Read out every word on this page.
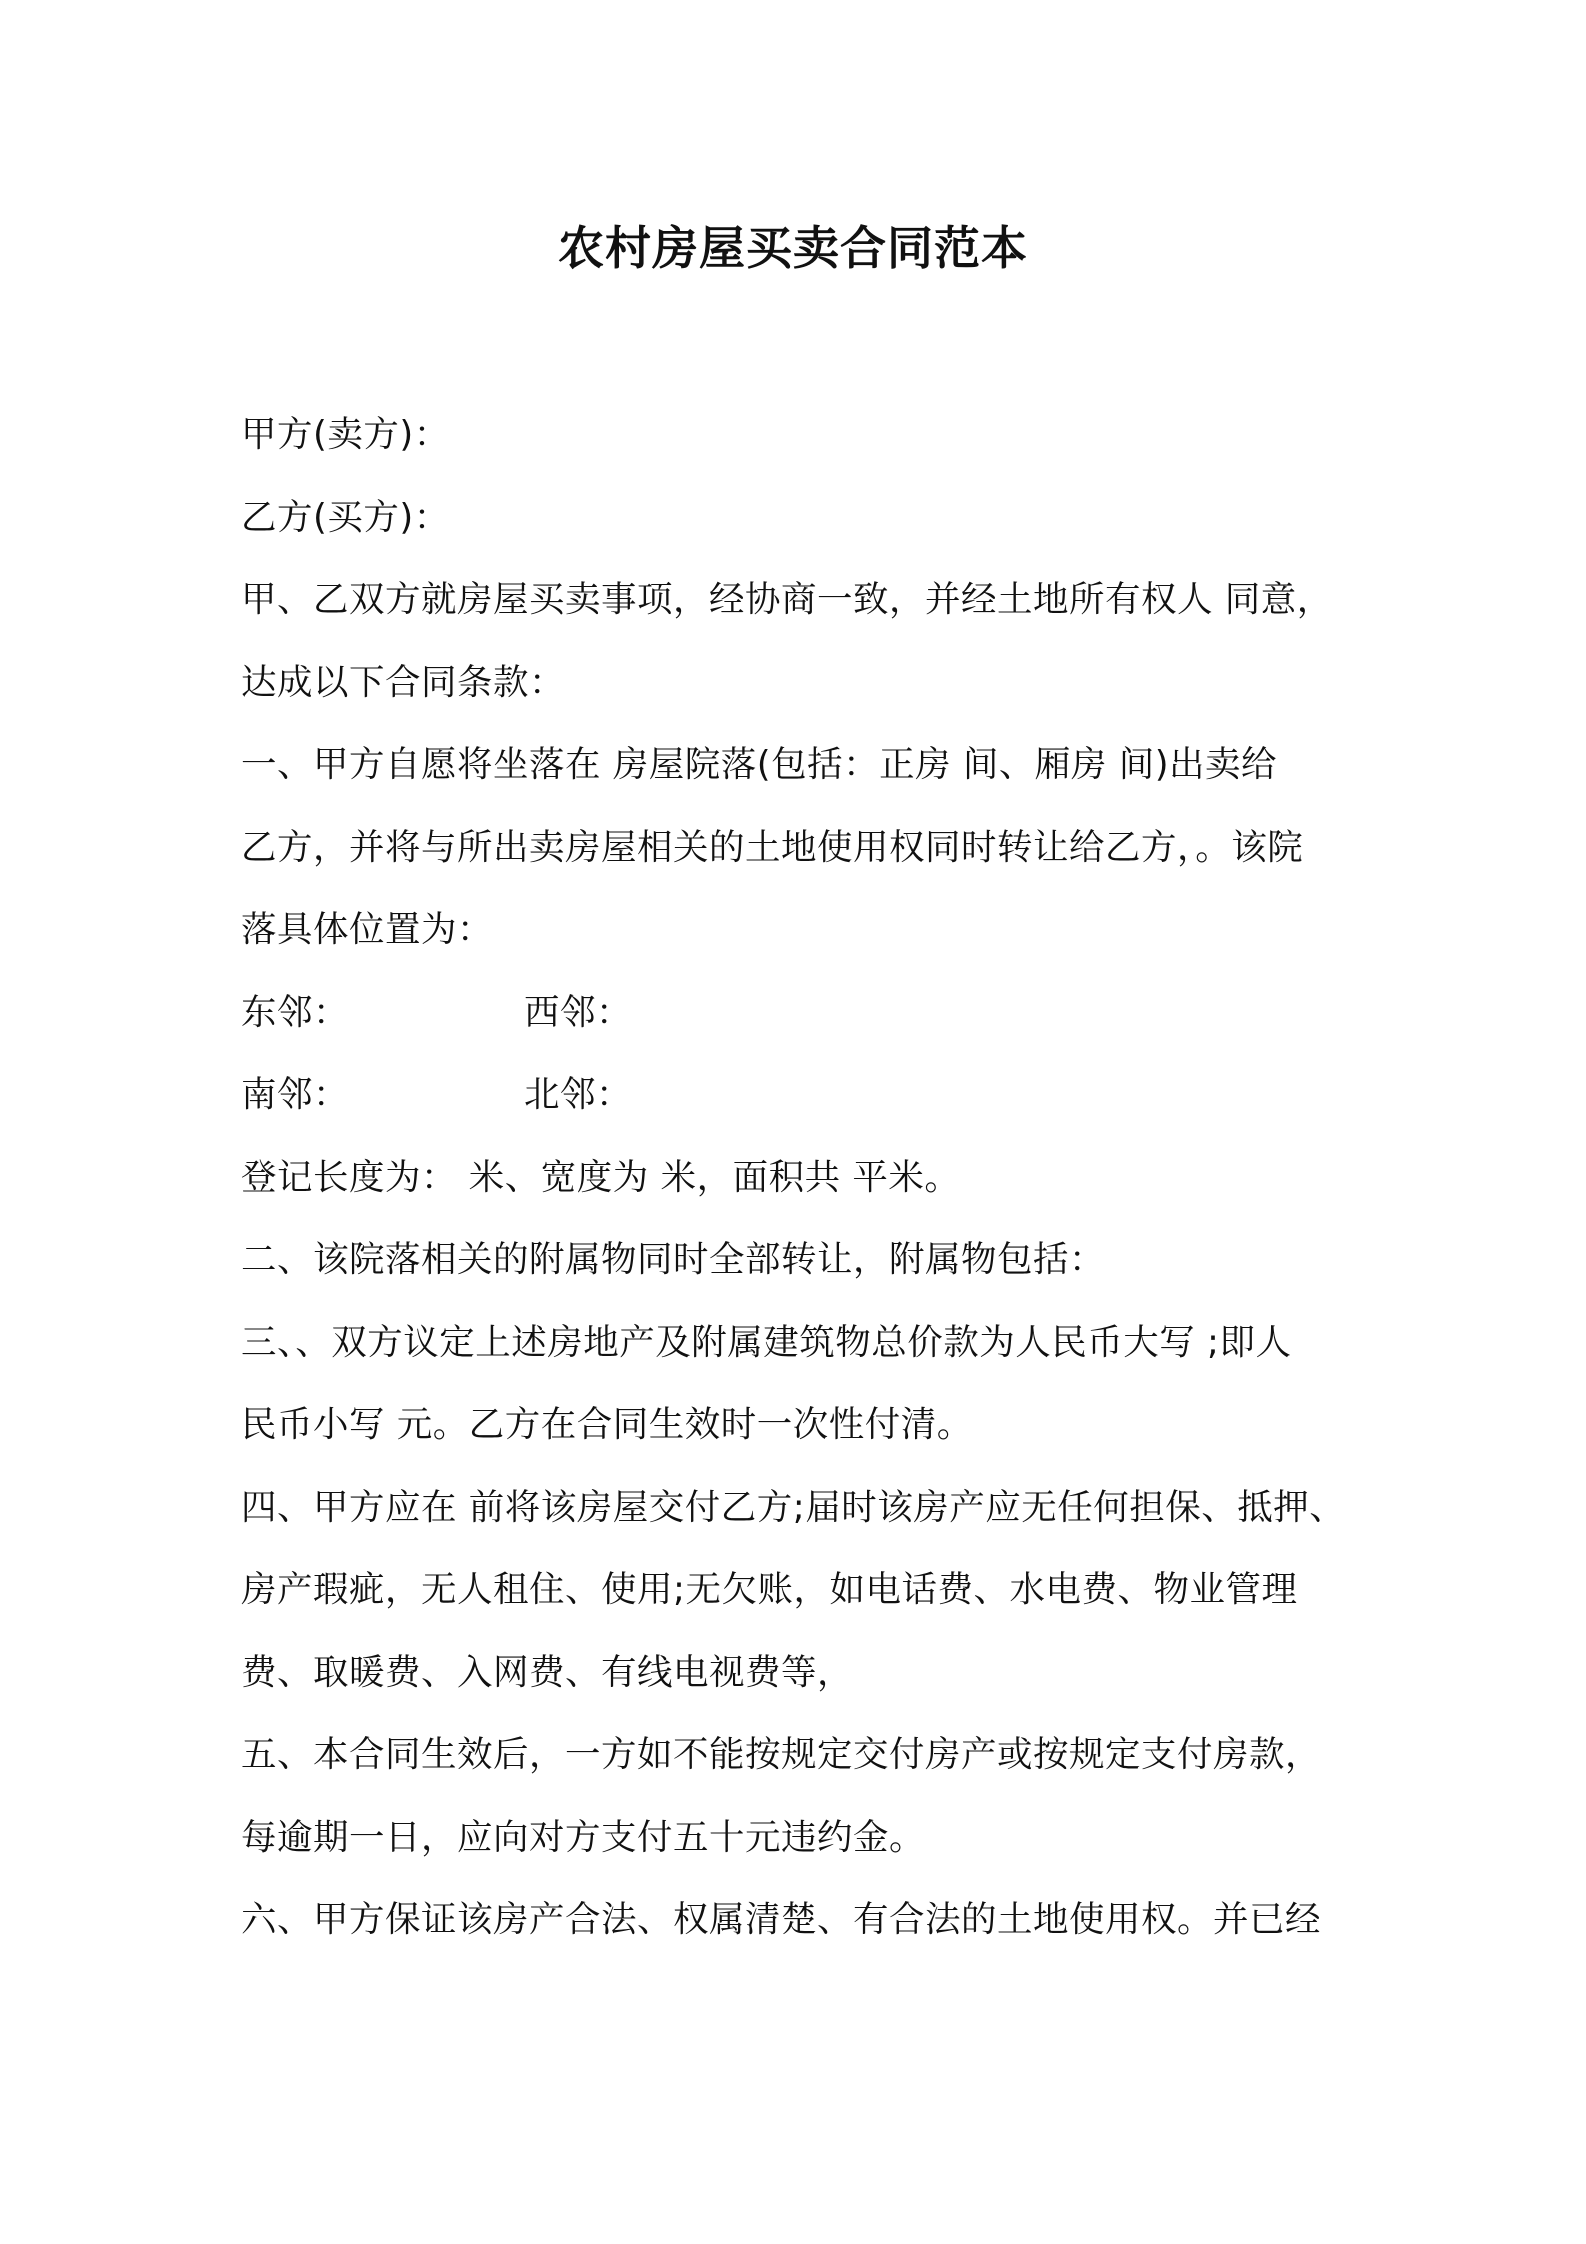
农村房屋买卖合同范本

甲方(卖方)：

乙方(买方)：

甲、乙双方就房屋买卖事项，经协商一致，并经土地所有权人 同意，

达成以下合同条款：

一、甲方自愿将坐落在 房屋院落(包括：正房 间、厢房 间)出卖给

乙方，并将与所出卖房屋相关的土地使用权同时转让给乙方，。该院

落具体位置为：

东邻：	西邻：
南邻：	北邻：

登记长度为： 米、宽度为 米，面积共 平米。

二、该院落相关的附属物同时全部转让，附属物包括：

三、、双方议定上述房地产及附属建筑物总价款为人民币大写 ;即人

民币小写 元。乙方在合同生效时一次性付清。

四、甲方应在 前将该房屋交付乙方;届时该房产应无任何担保、抵押、

房产瑕疵，无人租住、使用;无欠账，如电话费、水电费、物业管理

费、取暖费、入网费、有线电视费等，

五、本合同生效后，一方如不能按规定交付房产或按规定支付房款，

每逾期一日，应向对方支付五十元违约金。

六、甲方保证该房产合法、权属清楚、有合法的土地使用权。并已经
